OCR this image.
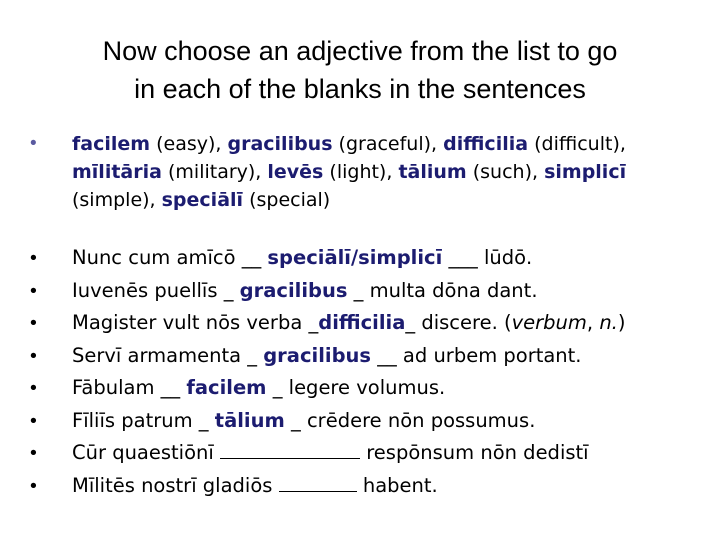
Now choose an adjective from the list to go
in each of the blanks in the sentences
• facilem (easy), gracilibus (graceful), difficilia (difficult), mīlitāria (military), levēs (light), tālium (such), simplicī (simple), speciālī (special)
• Nunc cum amīcō __ speciālī/simplicī ___ lūdō.
• Iuvenēs puellīs _ gracilibus _ multa dōna dant.
• Magister vult nōs verba _difficilia_ discere. (verbum, n.)
• Servī armamenta _ gracilibus __ ad urbem portant.
• Fābulam __ facilem _ legere volumus.
• Fīliīs patrum _ tālium _ crēdere nōn possumus.
• Cūr quaestiōnī	respōnsum nōn dedistī
• Mīlitēs nostrī gladiōs	habent.
